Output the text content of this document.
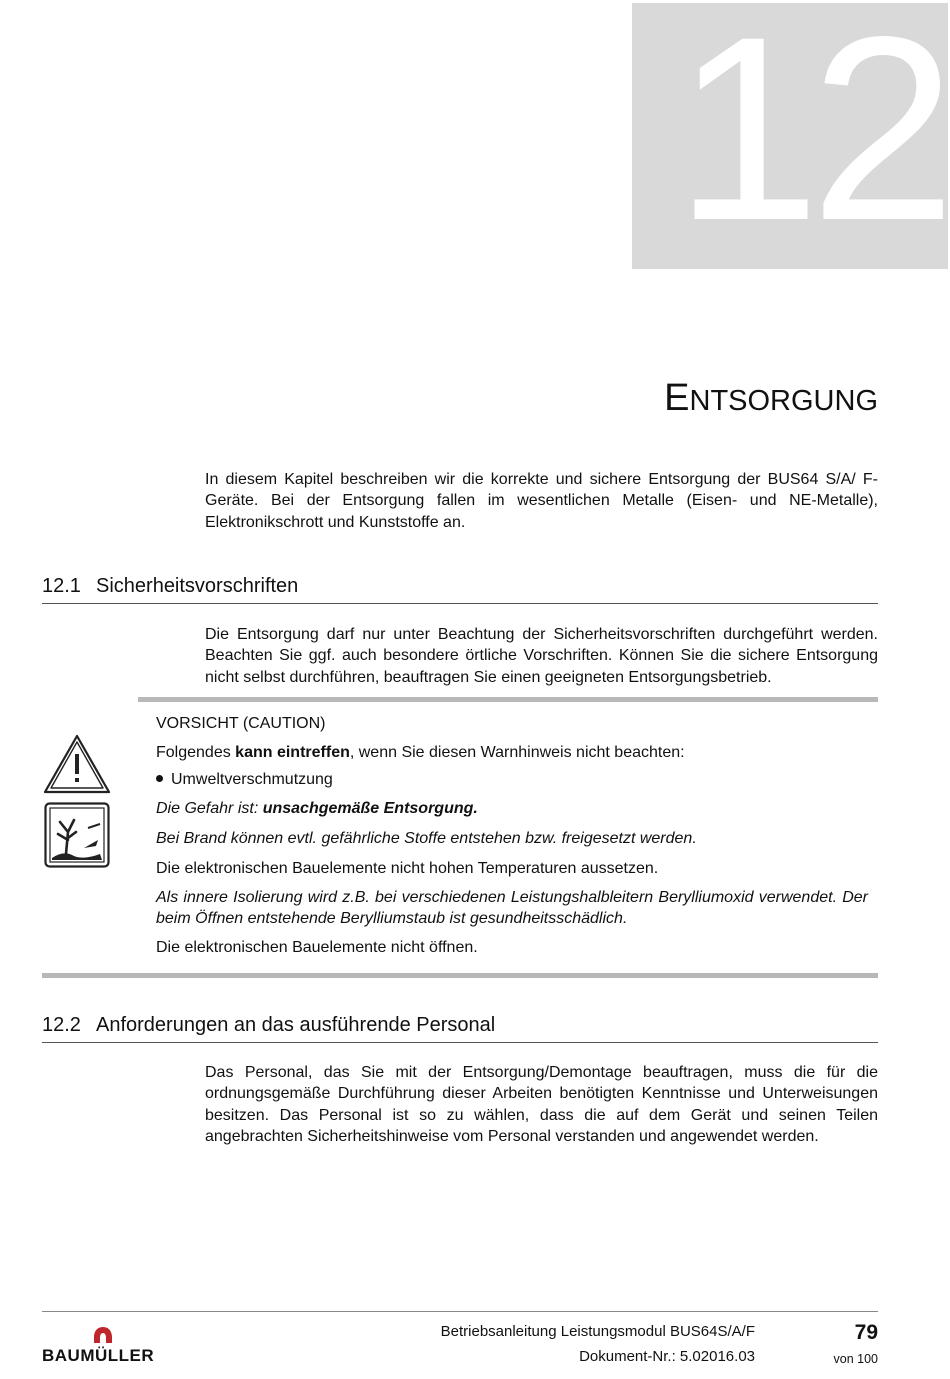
12
ENTSORGUNG
In diesem Kapitel beschreiben wir die korrekte und sichere Entsorgung der BUS64 S/A/ F-Geräte. Bei der Entsorgung fallen im wesentlichen Metalle (Eisen- und NE-Metalle), Elektronikschrott und Kunststoffe an.
12.1 Sicherheitsvorschriften
Die Entsorgung darf nur unter Beachtung der Sicherheitsvorschriften durchgeführt werden. Beachten Sie ggf. auch besondere örtliche Vorschriften. Können Sie die sichere Entsorgung nicht selbst durchführen, beauftragen Sie einen geeigneten Entsorgungsbetrieb.
VORSICHT (CAUTION)
Folgendes kann eintreffen, wenn Sie diesen Warnhinweis nicht beachten:
Umweltverschmutzung
Die Gefahr ist: unsachgemäße Entsorgung.
Bei Brand können evtl. gefährliche Stoffe entstehen bzw. freigesetzt werden.
Die elektronischen Bauelemente nicht hohen Temperaturen aussetzen.
Als innere Isolierung wird z.B. bei verschiedenen Leistungshalbleitern Berylliumoxid verwendet. Der beim Öffnen entstehende Berylliumstaub ist gesundheitsschädlich.
Die elektronischen Bauelemente nicht öffnen.
12.2 Anforderungen an das ausführende Personal
Das Personal, das Sie mit der Entsorgung/Demontage beauftragen, muss die für die ordnungsgemäße Durchführung dieser Arbeiten benötigten Kenntnisse und Unterweisungen besitzen. Das Personal ist so zu wählen, dass die auf dem Gerät und seinen Teilen angebrachten Sicherheitshinweise vom Personal verstanden und angewendet werden.
BAUMÜLLER
Betriebsanleitung Leistungsmodul BUS64S/A/F
Dokument-Nr.: 5.02016.03
79
von 100
